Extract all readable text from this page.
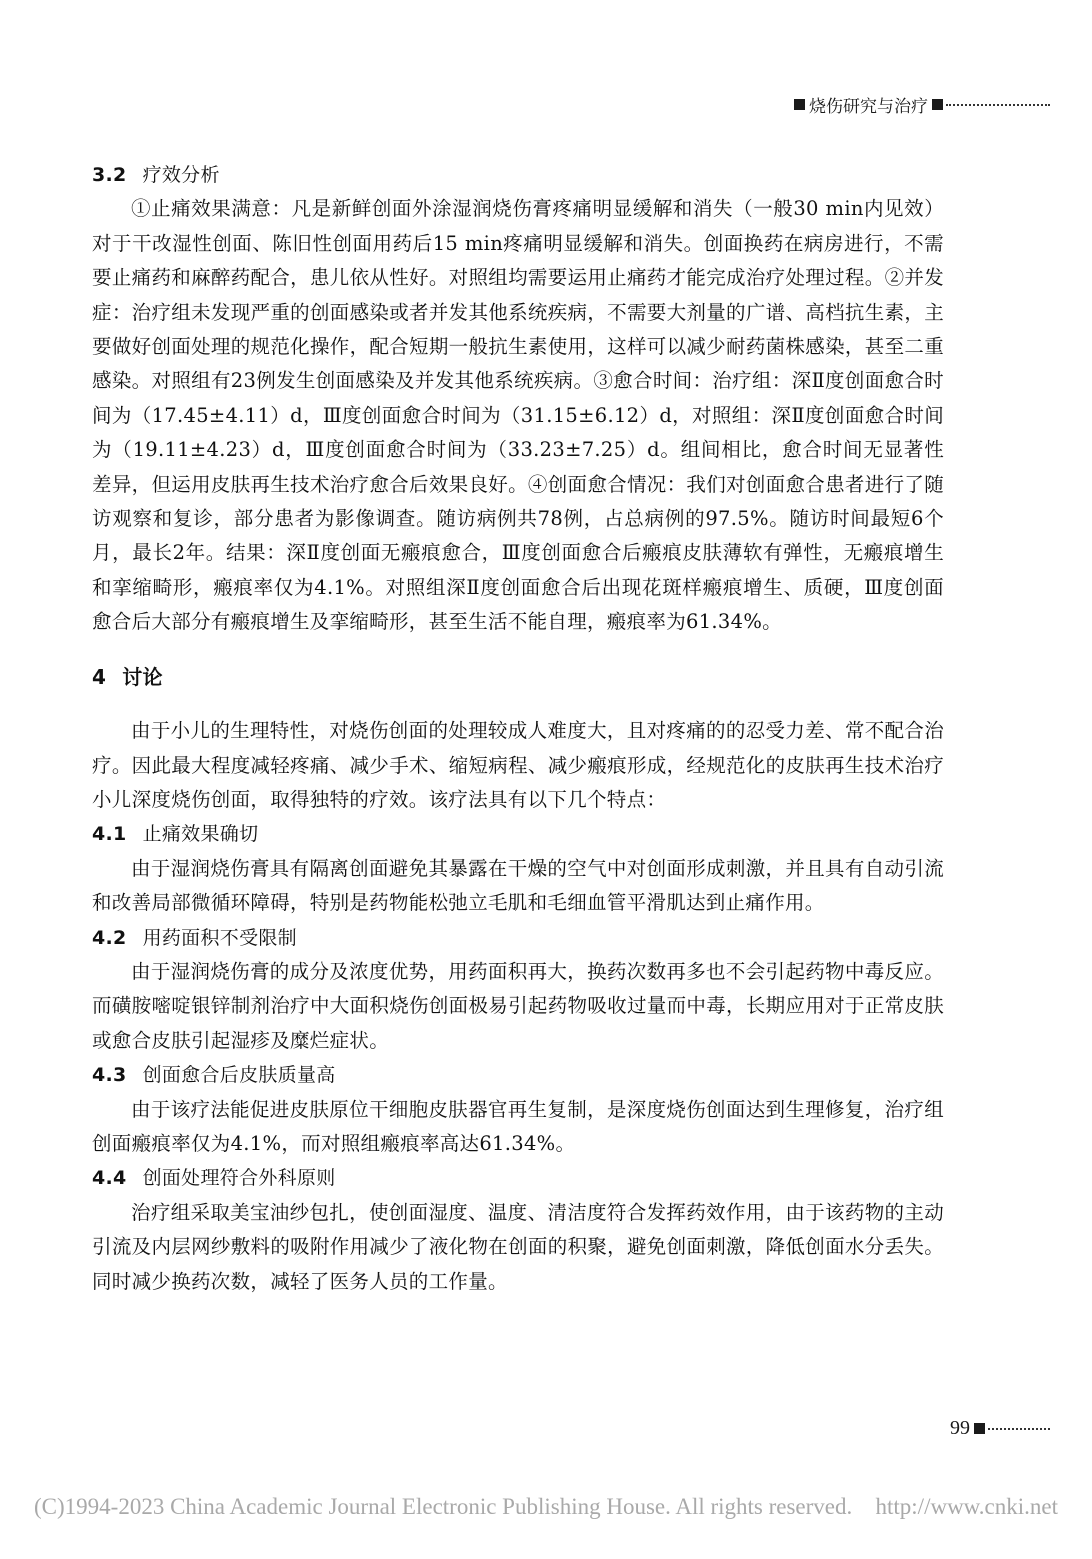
烧伤研究与治疗
3.2 疗效分析

①止痛效果满意：凡是新鲜创面外涂湿润烧伤膏疼痛明显缓解和消失（一般30 min内见效）对于干改湿性创面、陈旧性创面用药后15 min疼痛明显缓解和消失。创面换药在病房进行，不需要止痛药和麻醉药配合，患儿依从性好。对照组均需要运用止痛药才能完成治疗处理过程。②并发症：治疗组未发现严重的创面感染或者并发其他系统疾病，不需要大剂量的广谱、高档抗生素，主要做好创面处理的规范化操作，配合短期一般抗生素使用，这样可以减少耐药菌株感染，甚至二重感染。对照组有23例发生创面感染及并发其他系统疾病。③愈合时间：治疗组：深Ⅱ度创面愈合时间为（17.45±4.11）d，Ⅲ度创面愈合时间为（31.15±6.12）d，对照组：深Ⅱ度创面愈合时间为（19.11±4.23）d，Ⅲ度创面愈合时间为（33.23±7.25）d。组间相比，愈合时间无显著性差异，但运用皮肤再生技术治疗愈合后效果良好。④创面愈合情况：我们对创面愈合患者进行了随访观察和复诊，部分患者为影像调查。随访病例共78例，占总病例的97.5%。随访时间最短6个月，最长2年。结果：深Ⅱ度创面无瘢痕愈合，Ⅲ度创面愈合后瘢痕皮肤薄软有弹性，无瘢痕增生和挛缩畸形，瘢痕率仅为4.1%。对照组深Ⅱ度创面愈合后出现花斑样瘢痕增生、质硬，Ⅲ度创面愈合后大部分有瘢痕增生及挛缩畸形，甚至生活不能自理，瘢痕率为61.34%。

4 讨论

由于小儿的生理特性，对烧伤创面的处理较成人难度大，且对疼痛的的忍受力差、常不配合治疗。因此最大程度减轻疼痛、减少手术、缩短病程、减少瘢痕形成，经规范化的皮肤再生技术治疗小儿深度烧伤创面，取得独特的疗效。该疗法具有以下几个特点：

4.1 止痛效果确切

由于湿润烧伤膏具有隔离创面避免其暴露在干燥的空气中对创面形成刺激，并且具有自动引流和改善局部微循环障碍，特别是药物能松弛立毛肌和毛细血管平滑肌达到止痛作用。

4.2 用药面积不受限制

由于湿润烧伤膏的成分及浓度优势，用药面积再大，换药次数再多也不会引起药物中毒反应。而磺胺嘧啶银锌制剂治疗中大面积烧伤创面极易引起药物吸收过量而中毒，长期应用对于正常皮肤或愈合皮肤引起湿疹及糜烂症状。

4.3 创面愈合后皮肤质量高

由于该疗法能促进皮肤原位干细胞皮肤器官再生复制，是深度烧伤创面达到生理修复，治疗组创面瘢痕率仅为4.1%，而对照组瘢痕率高达61.34%。

4.4 创面处理符合外科原则

治疗组采取美宝油纱包扎，使创面湿度、温度、清洁度符合发挥药效作用，由于该药物的主动引流及内层网纱敷料的吸附作用减少了液化物在创面的积聚，避免创面刺激，降低创面水分丢失。同时减少换药次数，减轻了医务人员的工作量。

99
(C)1994-2023 China Academic Journal Electronic Publishing House. All rights reserved. http://www.cnki.net
